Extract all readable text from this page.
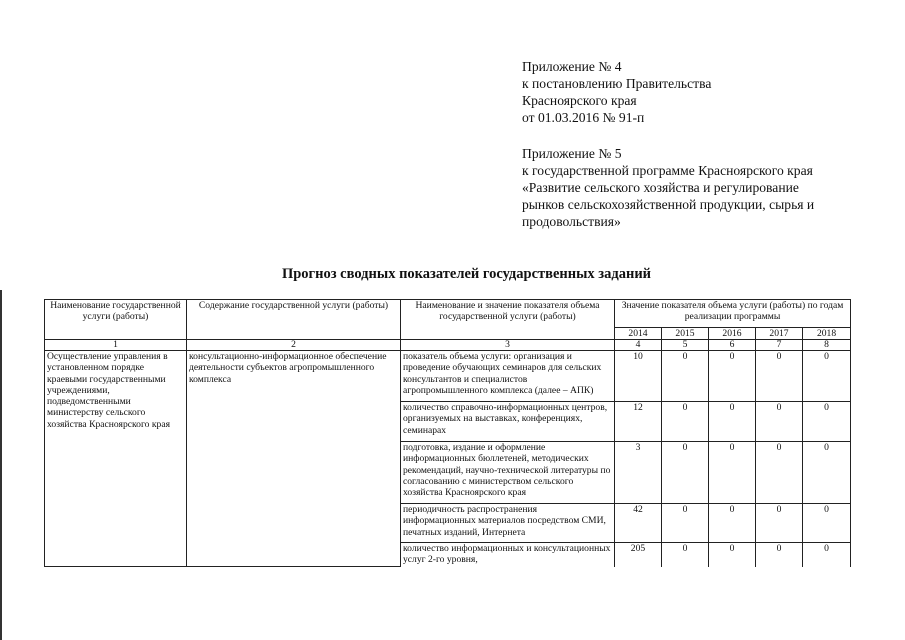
Приложение № 4
к постановлению Правительства
Красноярского края
от 01.03.2016 № 91-п
Приложение № 5
к государственной программе Красноярского края
«Развитие сельского хозяйства и регулирование
рынков сельскохозяйственной продукции, сырья и
продовольствия»
Прогноз сводных показателей государственных заданий
Наименование государственной услуги (работы)	Содержание государственной услуги (работы)	Наименование и значение показателя объема государственной услуги (работы)	Значение показателя объема услуги (работы) по годам реализации программы				
			2014	2015	2016	2017	2018
1	2	3	4	5	6	7	8
Осуществление управления в установленном порядке краевыми государственными учреждениями, подведомственными министерству сельского хозяйства Красноярского края	консультационно-информационное обеспечение деятельности субъектов агропромышленного комплекса	показатель объема услуги: организация и проведение обучающих семинаров для сельских консультантов и специалистов агропромышленного комплекса (далее – АПК)	10	0	0	0	0
		количество справочно-информационных центров, организуемых на выставках, конференциях, семинарах	12	0	0	0	0
		подготовка, издание и оформление информационных бюллетеней, методических рекомендаций, научно-технической литературы по согласованию с министерством сельского хозяйства Красноярского края	3	0	0	0	0
		периодичность распространения информационных материалов посредством СМИ, печатных изданий, Интернета	42	0	0	0	0
		количество информационных и консультационных услуг 2-го уровня,	205	0	0	0	0
